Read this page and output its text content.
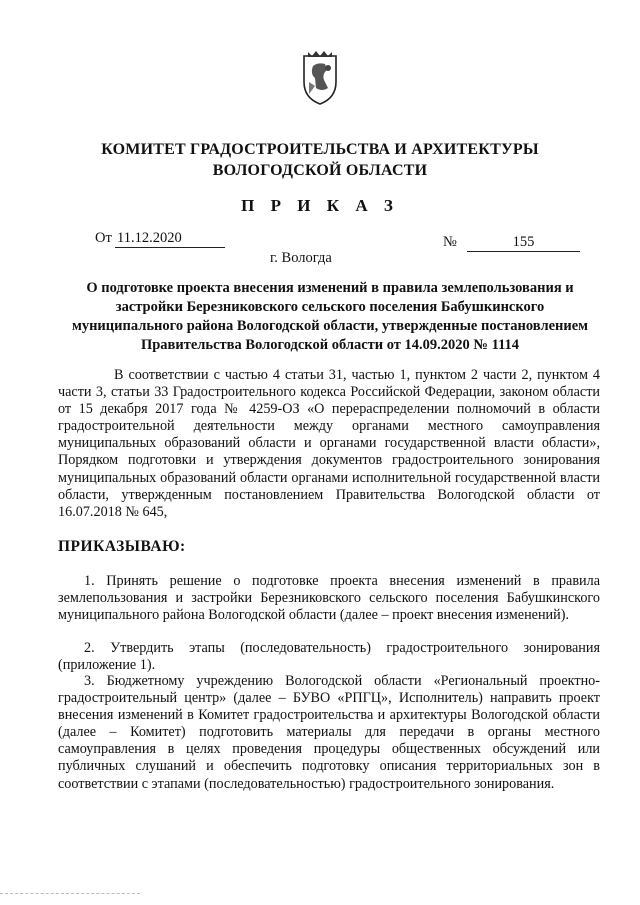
КОМИТЕТ ГРАДОСТРОИТЕЛЬСТВА И АРХИТЕКТУРЫ
ВОЛОГОДСКОЙ ОБЛАСТИ
П Р И К А З
От 11.12.2020	№	155
г. Вологда
О подготовке проекта внесения изменений в правила землепользования и застройки Березниковского сельского поселения Бабушкинского муниципального района Вологодской области, утвержденные постановлением Правительства Вологодской области от 14.09.2020 № 1114

В соответствии с частью 4 статьи 31, частью 1, пунктом 2 части 2, пунктом 4 части 3, статьи 33 Градостроительного кодекса Российской Федерации, законом области от 15 декабря 2017 года № 4259-ОЗ «О перераспределении полномочий в области градостроительной деятельности между органами местного самоуправления муниципальных образований области и органами государственной власти области», Порядком подготовки и утверждения документов градостроительного зонирования муниципальных образований области органами исполнительной государственной власти области, утвержденным постановлением Правительства Вологодской области от 16.07.2018 № 645,

ПРИКАЗЫВАЮ:

1. Принять решение о подготовке проекта внесения изменений в правила землепользования и застройки Березниковского сельского поселения Бабушкинского муниципального района Вологодской области (далее – проект внесения изменений).

2. Утвердить этапы (последовательность) градостроительного зонирования (приложение 1).

3. Бюджетному учреждению Вологодской области «Региональный проектно-градостроительный центр» (далее – БУВО «РПГЦ», Исполнитель) направить проект внесения изменений в Комитет градостроительства и архитектуры Вологодской области (далее – Комитет) подготовить материалы для передачи в органы местного самоуправления в целях проведения процедуры общественных обсуждений или публичных слушаний и обеспечить подготовку описания территориальных зон в соответствии с этапами (последовательностью) градостроительного зонирования.
